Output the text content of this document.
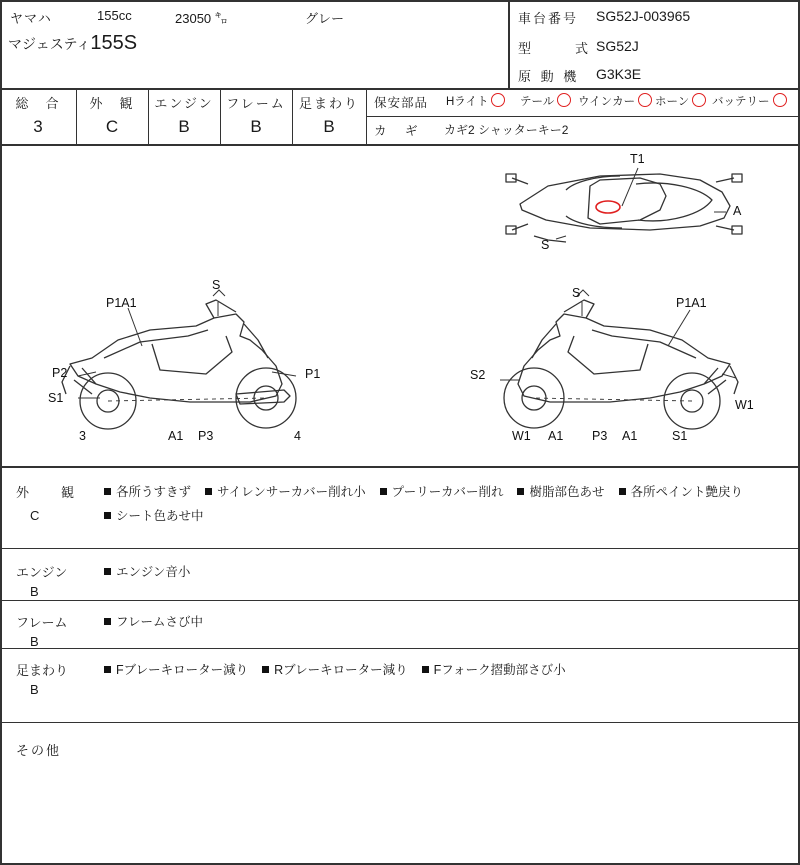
ヤマハ	155cc	23050 ㌔	グレー
マジェスティ155S
車台番号 SG52J-003965
型　　式 SG52J
原 動 機 G3K3E
総　合
3
外　観
C
エンジン
B
フレーム
B
足まわり
B
保安部品 Hライト	テール	ウインカー	ホーン	バッテリー
カ　ギ カギ2 シャッターキー2
T1
A
S
P1A1
S
P2	P1
S1
3	A1 P3	4
S
P1A1
S2
W1
W1 A1 P3 A1	S1
外　　観
C
各所うすきず サイレンサーカバー削れ小 プーリーカバー削れ 樹脂部色あせ 各所ペイント艶戻りシート色あせ中
エンジン
B
エンジン音小
フレーム
B
フレームさび中
足まわり
B
Fブレーキローター減り Rブレーキローター減り Fフォーク摺動部さび小
その他
